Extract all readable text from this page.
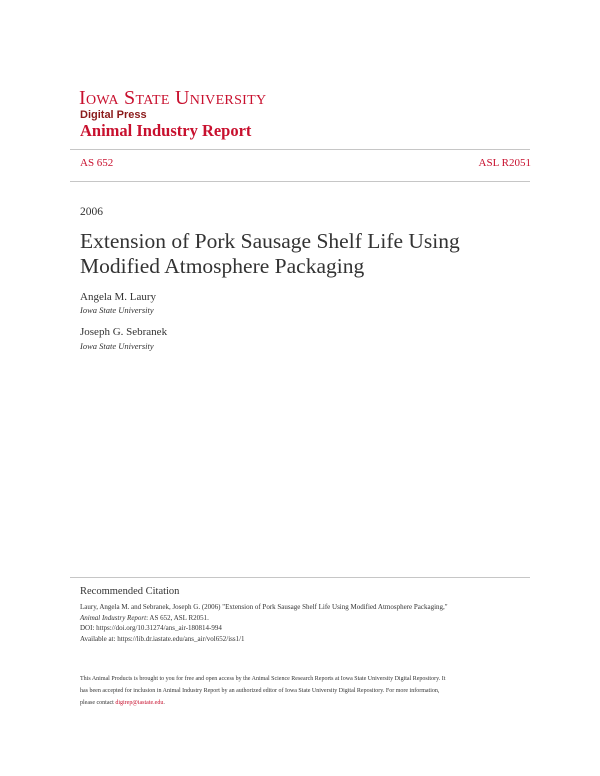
Iowa State University
Digital Press
Animal Industry Report
AS 652	ASL R2051
2006
Extension of Pork Sausage Shelf Life Using Modified Atmosphere Packaging
Angela M. Laury
Iowa State University
Joseph G. Sebranek
Iowa State University
Recommended Citation
Laury, Angela M. and Sebranek, Joseph G. (2006) "Extension of Pork Sausage Shelf Life Using Modified Atmosphere Packaging,"
Animal Industry Report: AS 652, ASL R2051.
DOI: https://doi.org/10.31274/ans_air-180814-994
Available at: https://lib.dr.iastate.edu/ans_air/vol652/iss1/1
This Animal Products is brought to you for free and open access by the Animal Science Research Reports at Iowa State University Digital Repository. It
has been accepted for inclusion in Animal Industry Report by an authorized editor of Iowa State University Digital Repository. For more information,
please contact digirep@iastate.edu.
